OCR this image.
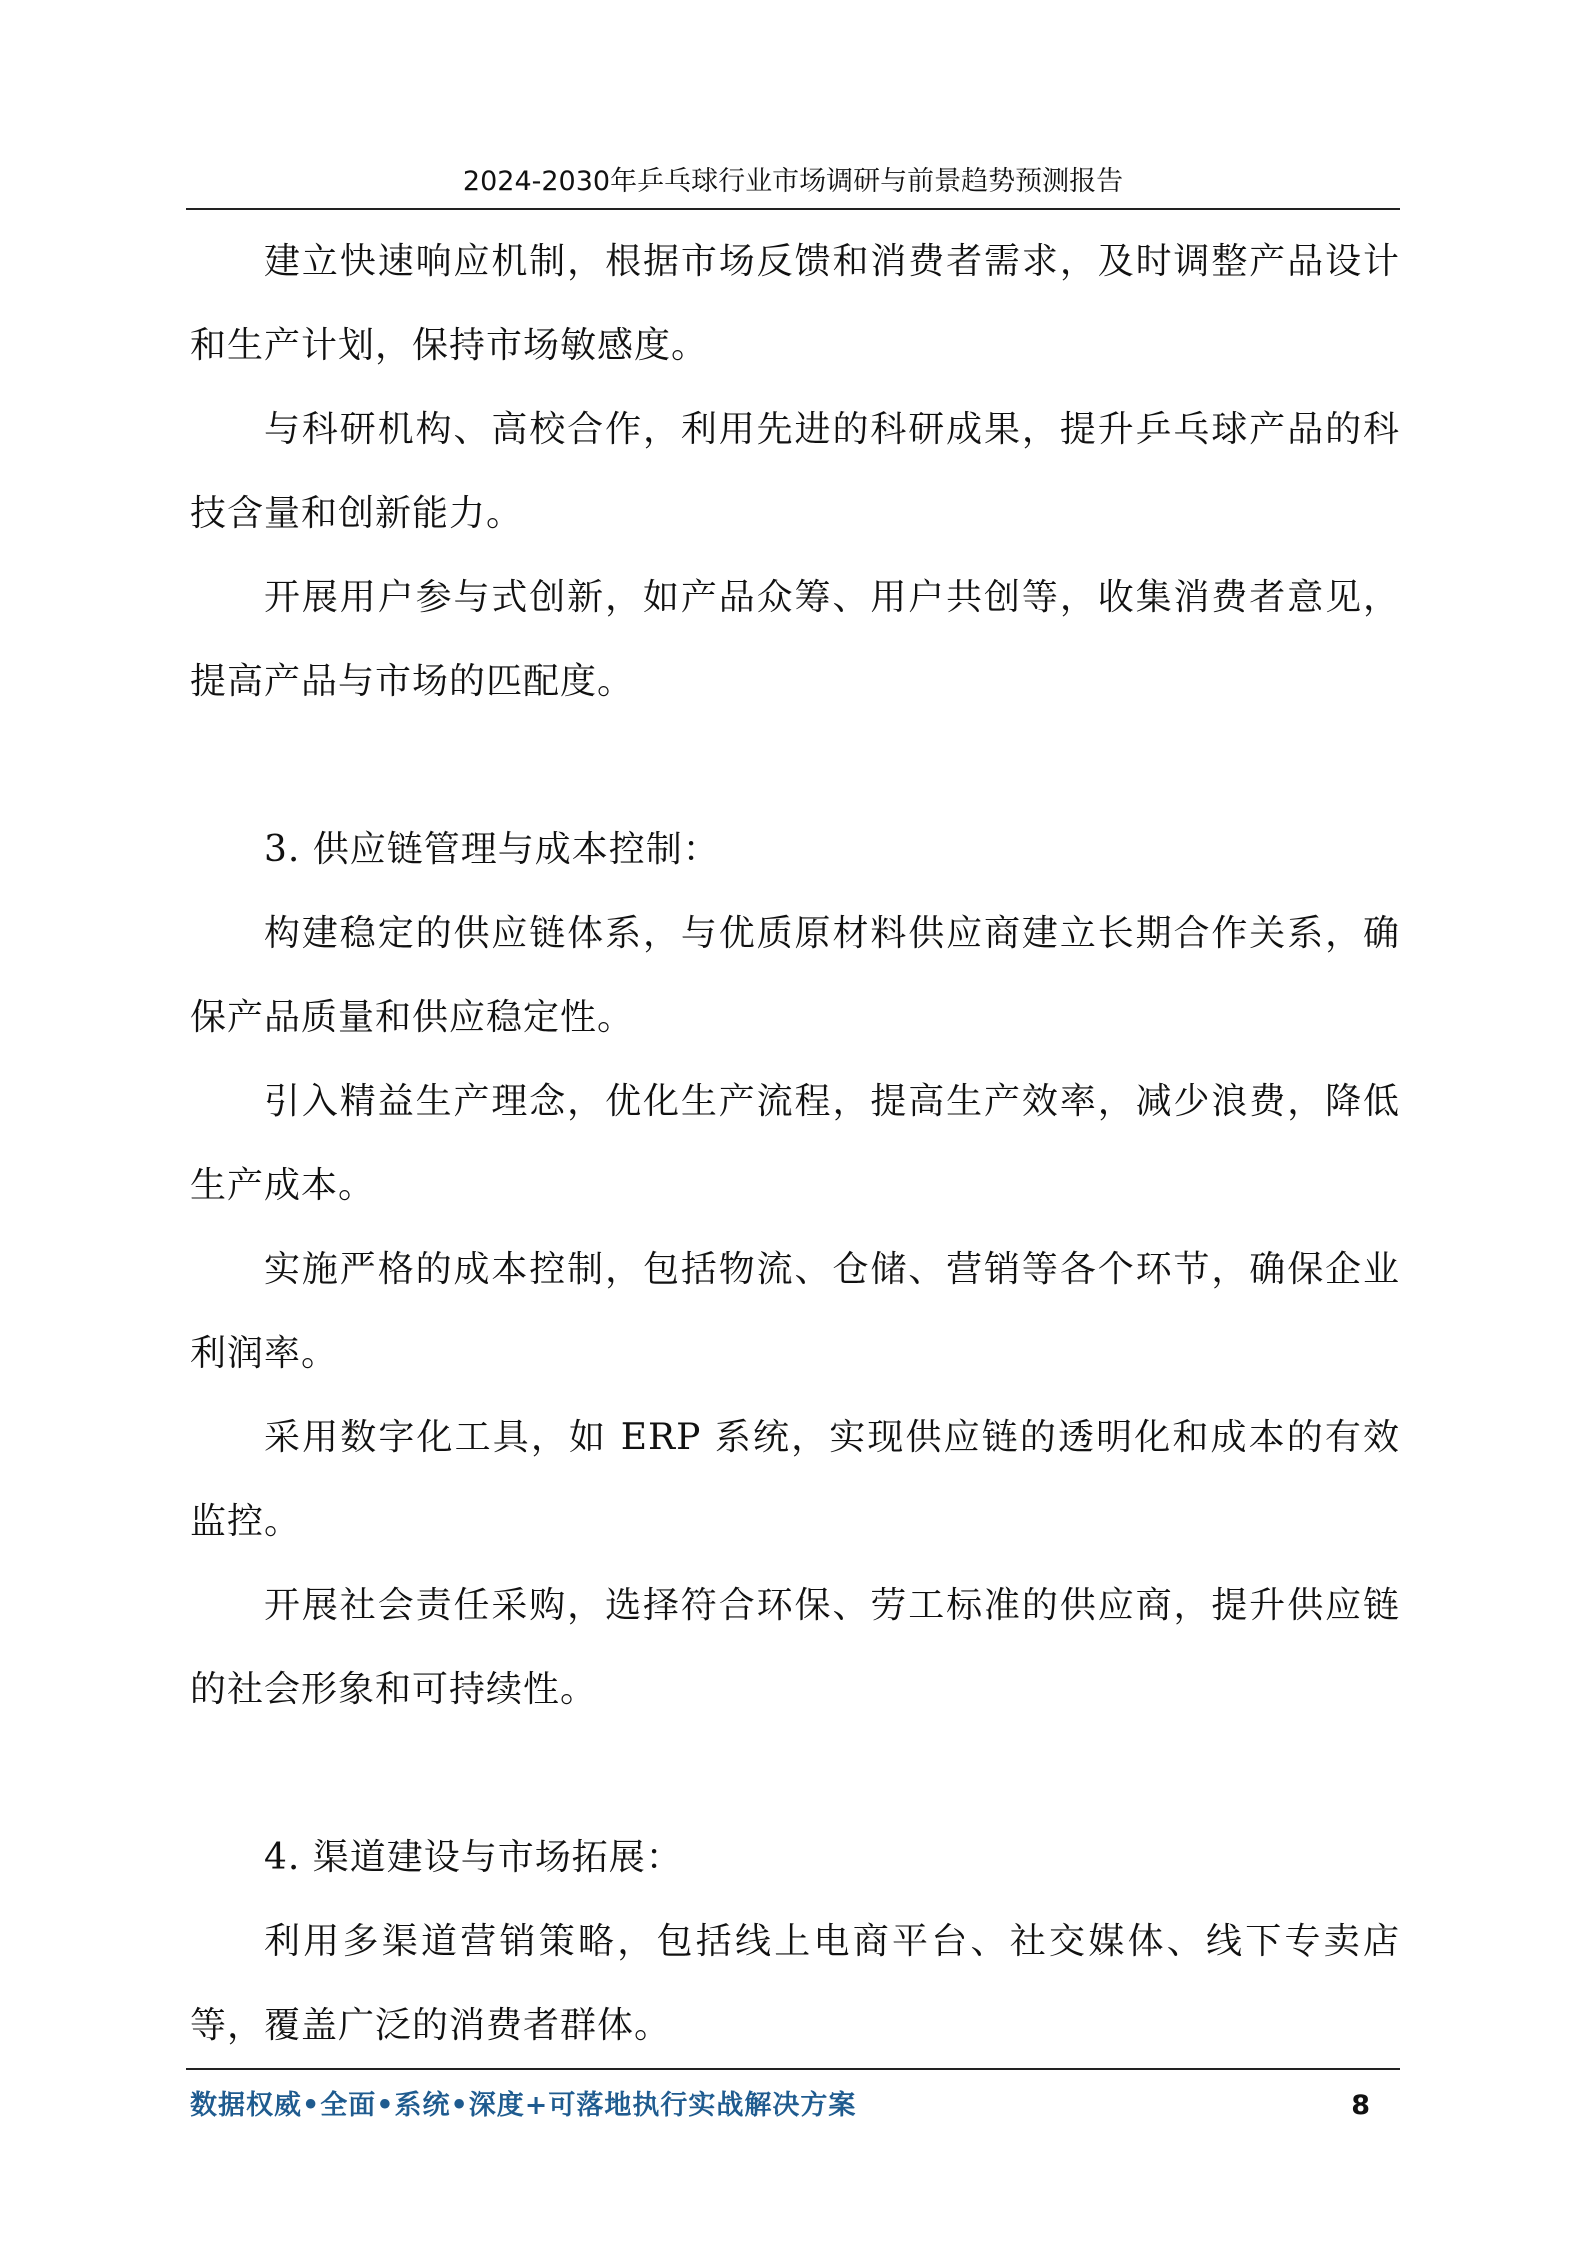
2024-2030年乒乓球行业市场调研与前景趋势预测报告

建立快速响应机制，根据市场反馈和消费者需求，及时调整产品设计和生产计划，保持市场敏感度。

与科研机构、高校合作，利用先进的科研成果，提升乒乓球产品的科技含量和创新能力。

开展用户参与式创新，如产品众筹、用户共创等，收集消费者意见，提高产品与市场的匹配度。

3. 供应链管理与成本控制：

构建稳定的供应链体系，与优质原材料供应商建立长期合作关系，确保产品质量和供应稳定性。

引入精益生产理念，优化生产流程，提高生产效率，减少浪费，降低生产成本。

实施严格的成本控制，包括物流、仓储、营销等各个环节，确保企业利润率。

采用数字化工具，如 ERP 系统，实现供应链的透明化和成本的有效监控。

开展社会责任采购，选择符合环保、劳工标准的供应商，提升供应链的社会形象和可持续性。

4. 渠道建设与市场拓展：

利用多渠道营销策略，包括线上电商平台、社交媒体、线下专卖店等，覆盖广泛的消费者群体。

数据权威•全面•系统•深度+可落地执行实战解决方案	8
